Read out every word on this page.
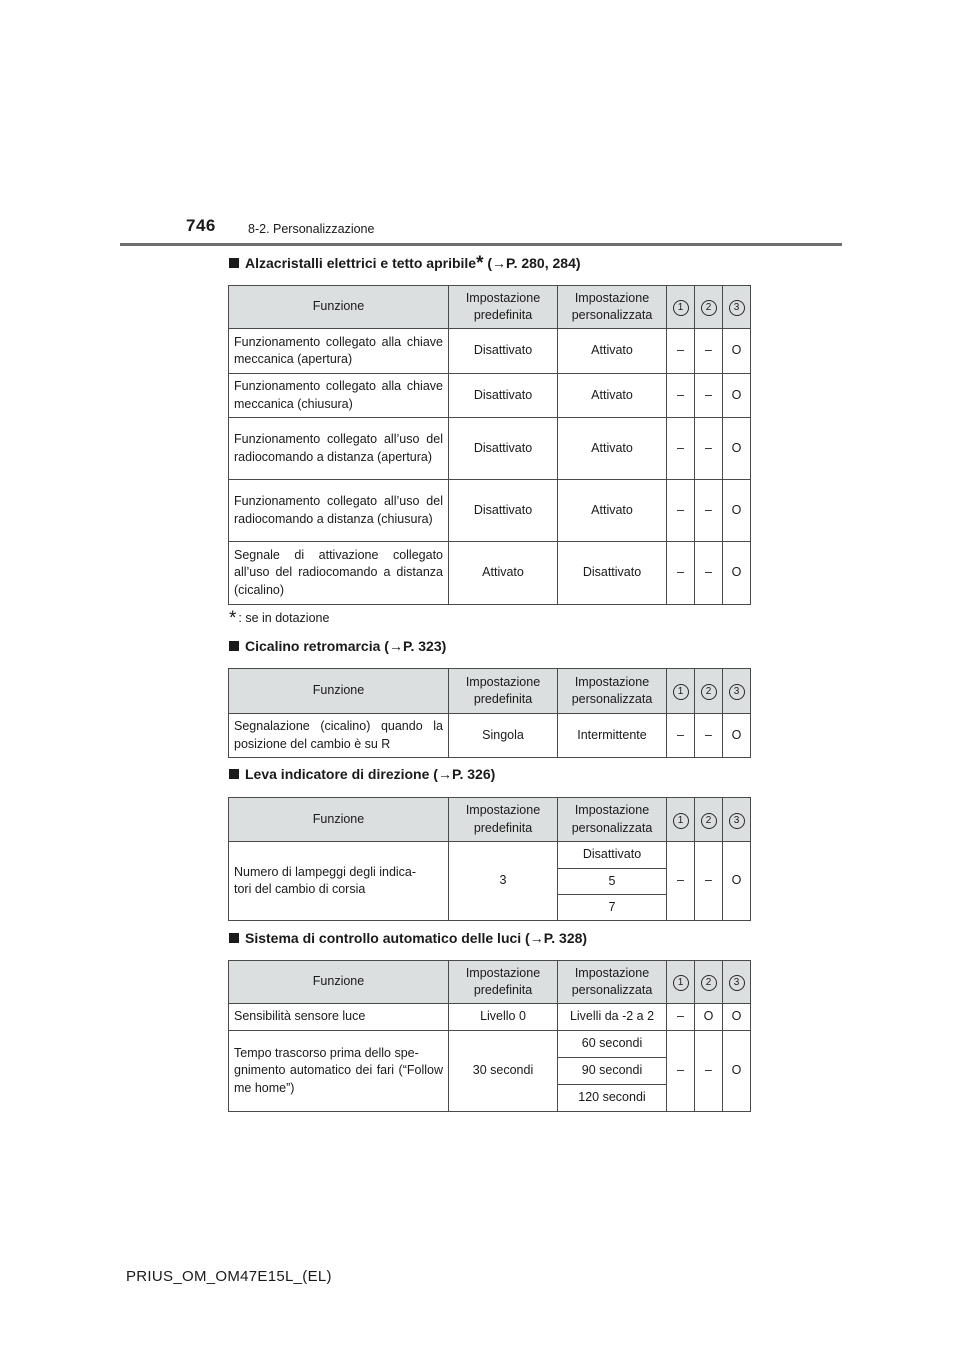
746	8-2. Personalizzazione
Alzacristalli elettrici e tetto apribile* (→P. 280, 284)
Funzione	Impostazione predefinita	Impostazione personalizzata	1	2	3
Funzionamento collegato alla chiave meccanica (apertura)	Disattivato	Attivato	–	–	O
Funzionamento collegato alla chiave meccanica (chiusura)	Disattivato	Attivato	–	–	O
Funzionamento collegato all’uso del radiocomando a distanza (apertura)	Disattivato	Attivato	–	–	O
Funzionamento collegato all’uso del radiocomando a distanza (chiusura)	Disattivato	Attivato	–	–	O
Segnale di attivazione collegato all’uso del radiocomando a distanza (cicalino)	Attivato	Disattivato	–	–	O
* : se in dotazione
Cicalino retromarcia (→P. 323)
Funzione	Impostazione predefinita	Impostazione personalizzata	1	2	3
Segnalazione (cicalino) quando la posizione del cambio è su R	Singola	Intermittente	–	–	O
Leva indicatore di direzione (→P. 326)
Funzione	Impostazione predefinita	Impostazione personalizzata	1	2	3
Numero di lampeggi degli indica-
tori del cambio di corsia	3	Disattivato	–	–	O
		5			
		7			
Sistema di controllo automatico delle luci (→P. 328)
Funzione	Impostazione predefinita	Impostazione personalizzata	1	2	3
Sensibilità sensore luce	Livello 0	Livelli da -2 a 2	–	O	O
Tempo trascorso prima dello spe-
gnimento automatico dei fari (“Follow me home”)	30 secondi	60 secondi	–	–	O
		90 secondi			
		120 secondi			
PRIUS_OM_OM47E15L_(EL)
